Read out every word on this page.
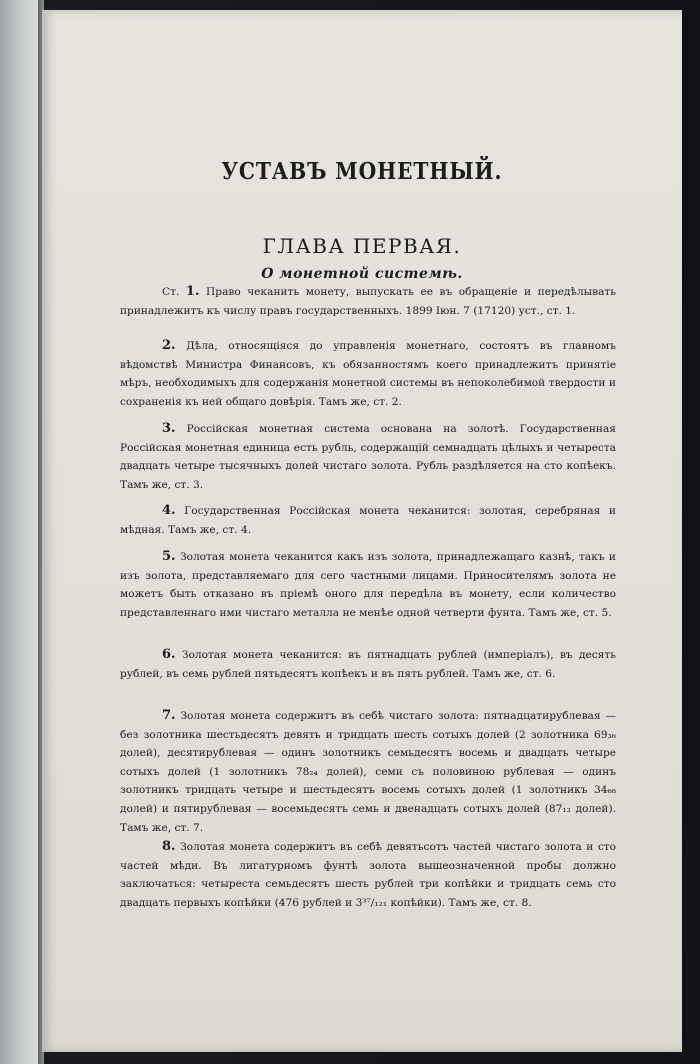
УСТАВЪ МОНЕТНЫЙ.
ГЛАВА ПЕРВАЯ.
О монетной системѣ.

Ст. 1. Право чеканить монету, выпускать ее въ обращеніе и передѣлывать принадлежитъ къ числу правъ государственныхъ. 1899 Іюн. 7 (17120) уст., ст. 1.

2. Дѣла, относящіяся до управленія монетнаго, состоятъ въ главномъ вѣдомствѣ Министра Финансовъ, къ обязанностямъ коего принадлежитъ принятіе мѣръ, необходимыхъ для содержанія монетной системы въ непоколебимой твердости и сохраненія къ ней общаго довѣрія. Тамъ же, ст. 2.

3. Россійская монетная система основана на золотѣ. Государственная Россійская монетная единица есть рубль, содержащій семнадцать цѣлыхъ и четыреста двадцать четыре тысячныхъ долей чистаго золота. Рубль раздѣляется на сто копѣекъ. Тамъ же, ст. 3.

4. Государственная Россійская монета чеканится: золотая, серебряная и мѣдная. Тамъ же, ст. 4.

5. Золотая монета чеканится какъ изъ золота, принадлежащаго казнѣ, такъ и изъ золота, представляемаго для сего частными лицами. Приносителямъ золота не можетъ быть отказано въ пріемѣ оного для передѣла въ монету, если количество представленнаго ими чистаго металла не менѣе одной четверти фунта. Тамъ же, ст. 5.

6. Золотая монета чеканится: въ пятнадцать рублей (имперіалъ), въ десять рублей, въ семь рублей пятьдесятъ копѣекъ и въ пять рублей. Тамъ же, ст. 6.

7. Золотая монета содержитъ въ себѣ чистаго золота: пятнадцатирублевая — без золотника шестьдесятъ девять и тридцать шесть сотыхъ долей (2 золотника 69₃₆ долей), десятирублевая — одинъ золотникъ семьдесятъ восемь и двадцать четыре сотыхъ долей (1 золотникъ 78₂₄ долей), семи съ половиною рублевая — одинъ золотникъ тридцать четыре и шестьдесятъ восемь сотыхъ долей (1 золотникъ 34₆₈ долей) и пятирублевая — восемьдесятъ семь и двенадцать сотыхъ долей (87₁₂ долей). Тамъ же, ст. 7.

8. Золотая монета содержитъ въ себѣ девятьсотъ частей чистаго золота и сто частей мѣди. Въ лигатурномъ фунтѣ золота вышеозначенной пробы должно заключаться: четыреста семьдесятъ шесть рублей три копѣйки и тридцать семь сто двадцать первыхъ копѣйки (476 рублей и 3³⁷/₁₂₁ копѣйки). Тамъ же, ст. 8.
